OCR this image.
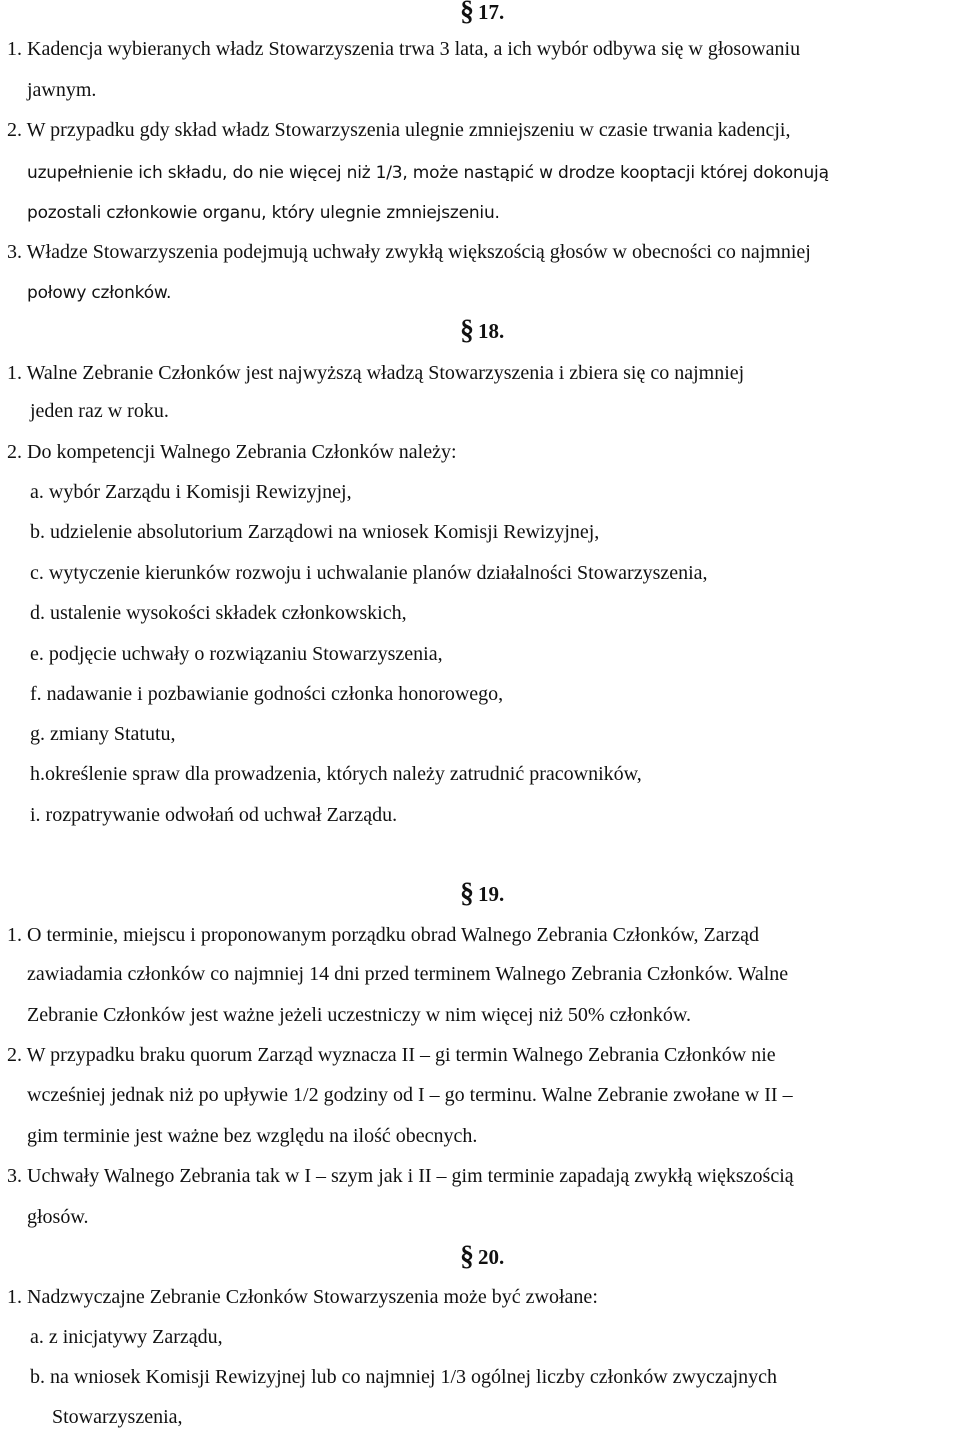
§ 17.
1. Kadencja wybieranych władz Stowarzyszenia trwa 3 lata, a ich wybór odbywa się w głosowaniu
jawnym.
2. W przypadku gdy skład władz Stowarzyszenia ulegnie zmniejszeniu w czasie trwania kadencji,
uzupełnienie ich składu, do nie więcej niż 1/3, może nastąpić w drodze kooptacji której dokonują
pozostali członkowie organu, który ulegnie zmniejszeniu.
3. Władze Stowarzyszenia podejmują uchwały zwykłą większością głosów w obecności co najmniej
połowy członków.
§ 18.
1. Walne Zebranie Członków jest najwyższą władzą Stowarzyszenia i zbiera się co najmniej
jeden raz w roku.
2. Do kompetencji Walnego Zebrania Członków należy:
a. wybór Zarządu i Komisji Rewizyjnej,
b. udzielenie absolutorium Zarządowi na wniosek Komisji Rewizyjnej,
c. wytyczenie kierunków rozwoju i uchwalanie planów działalności Stowarzyszenia,
d. ustalenie wysokości składek członkowskich,
e. podjęcie uchwały o rozwiązaniu Stowarzyszenia,
f. nadawanie i pozbawianie godności członka honorowego,
g. zmiany Statutu,
h.określenie spraw dla prowadzenia, których należy zatrudnić pracowników,
i. rozpatrywanie odwołań od uchwał Zarządu.
§ 19.
1. O terminie, miejscu i proponowanym porządku obrad Walnego Zebrania Członków, Zarząd
zawiadamia członków co najmniej 14 dni przed terminem Walnego Zebrania Członków. Walne
Zebranie Członków jest ważne jeżeli uczestniczy w nim więcej niż 50% członków.
2. W przypadku braku quorum Zarząd wyznacza II – gi termin Walnego Zebrania Członków nie
wcześniej jednak niż po upływie 1/2 godziny od I – go terminu. Walne Zebranie zwołane w II –
gim terminie jest ważne bez względu na ilość obecnych.
3. Uchwały Walnego Zebrania tak w I – szym jak i II – gim terminie zapadają zwykłą większością
głosów.
§ 20.
1. Nadzwyczajne Zebranie Członków Stowarzyszenia może być zwołane:
a. z inicjatywy Zarządu,
b. na wniosek Komisji Rewizyjnej lub co najmniej 1/3 ogólnej liczby członków zwyczajnych
Stowarzyszenia,
